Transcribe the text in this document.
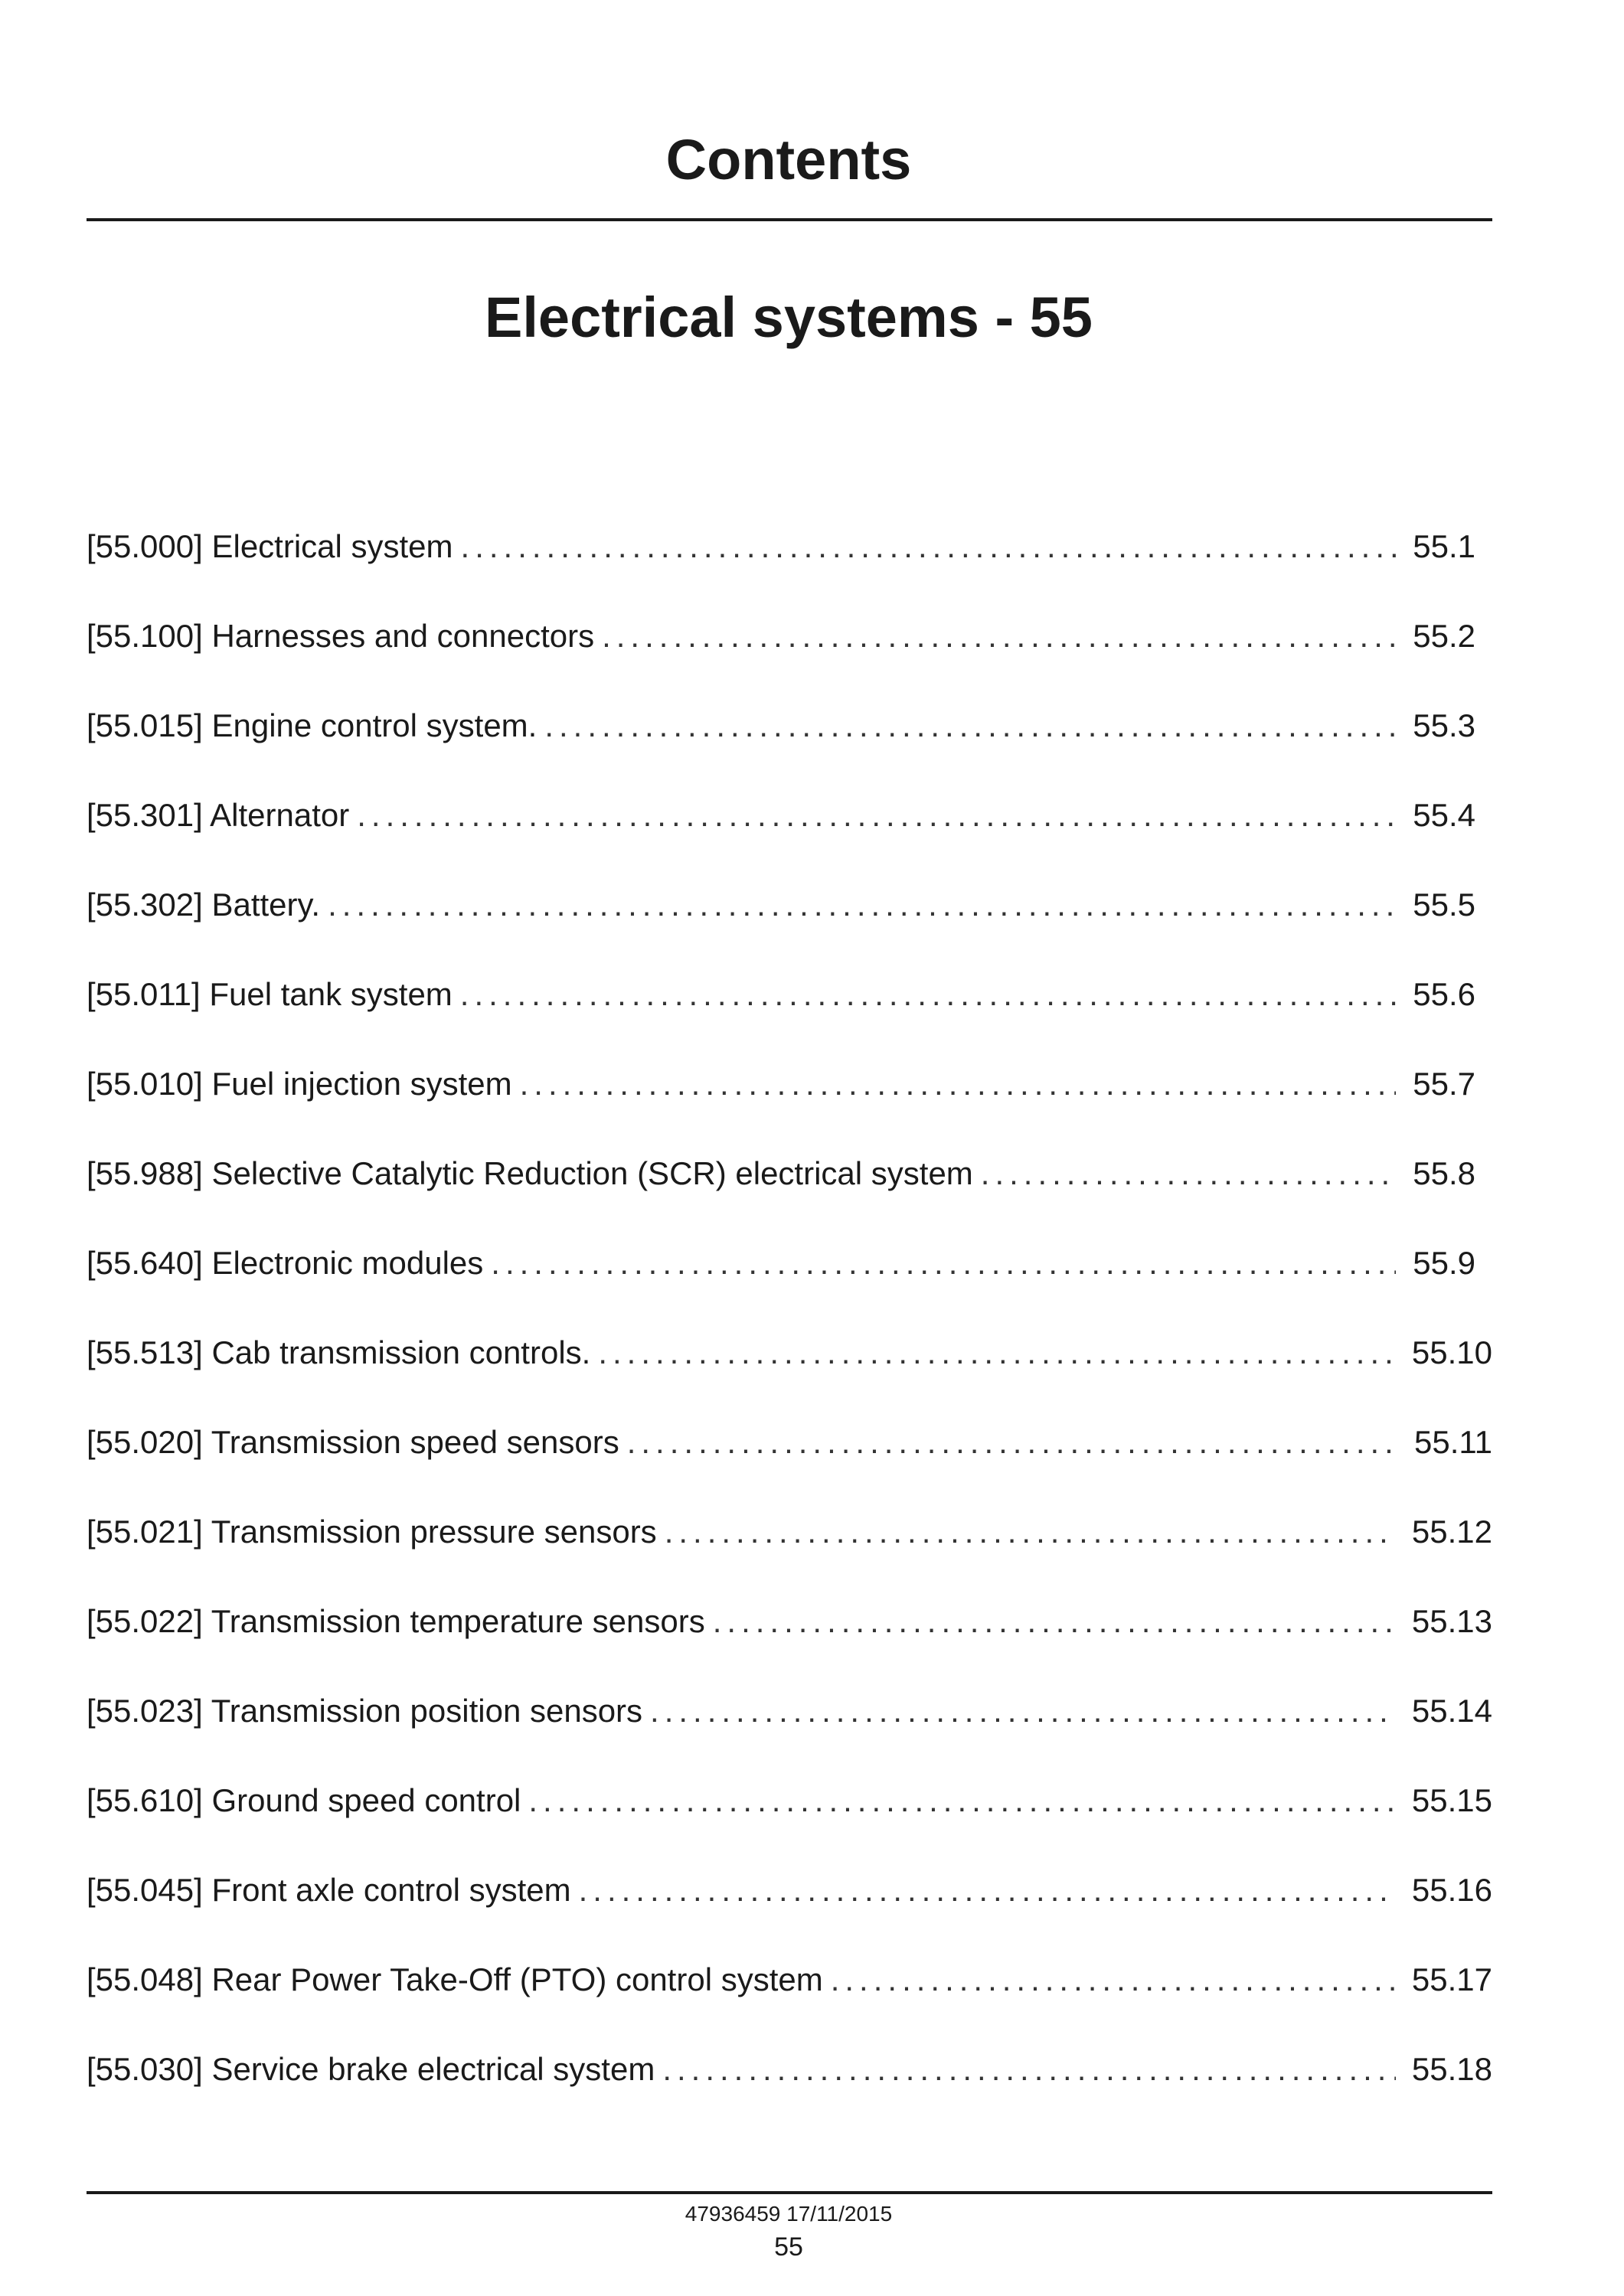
Contents
Electrical systems - 55
[55.000] Electrical system .....	55.1
[55.100] Harnesses and connectors .....	55.2
[55.015] Engine control system. .....	55.3
[55.301] Alternator .....	55.4
[55.302] Battery. .....	55.5
[55.011] Fuel tank system .....	55.6
[55.010] Fuel injection system .....	55.7
[55.988] Selective Catalytic Reduction (SCR) electrical system .....	55.8
[55.640] Electronic modules .....	55.9
[55.513] Cab transmission controls. .....	55.10
[55.020] Transmission speed sensors .....	55.11
[55.021] Transmission pressure sensors .....	55.12
[55.022] Transmission temperature sensors .....	55.13
[55.023] Transmission position sensors .....	55.14
[55.610] Ground speed control .....	55.15
[55.045] Front axle control system .....	55.16
[55.048] Rear Power Take-Off (PTO) control system .....	55.17
[55.030] Service brake electrical system .....	55.18
47936459 17/11/2015
55
